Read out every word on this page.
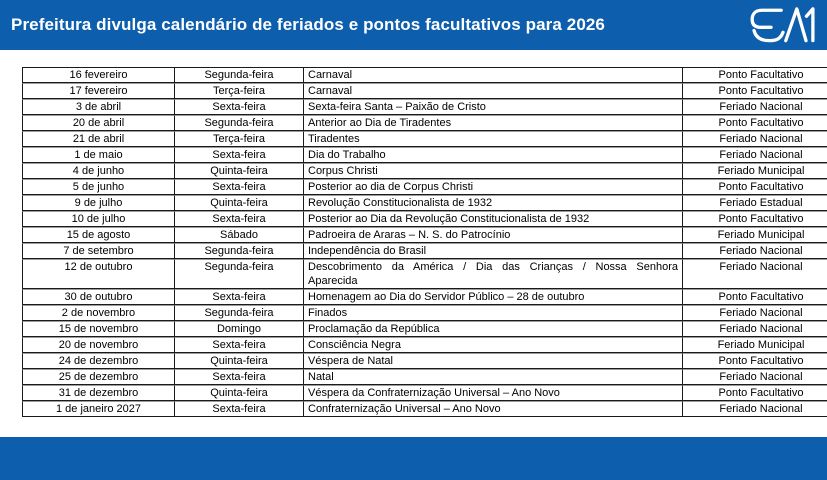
Prefeitura divulga calendário de feriados e pontos facultativos para 2026
16 fevereiro	Segunda-feira	Carnaval	Ponto Facultativo
17 fevereiro	Terça-feira	Carnaval	Ponto Facultativo
3 de abril	Sexta-feira	Sexta-feira Santa – Paixão de Cristo	Feriado Nacional
20 de abril	Segunda-feira	Anterior ao Dia de Tiradentes	Ponto Facultativo
21 de abril	Terça-feira	Tiradentes	Feriado Nacional
1 de maio	Sexta-feira	Dia do Trabalho	Feriado Nacional
4 de junho	Quinta-feira	Corpus Christi	Feriado Municipal
5 de junho	Sexta-feira	Posterior ao dia de Corpus Christi	Ponto Facultativo
9 de julho	Quinta-feira	Revolução Constitucionalista de 1932	Feriado Estadual
10 de julho	Sexta-feira	Posterior ao Dia da Revolução Constitucionalista de 1932	Ponto Facultativo
15 de agosto	Sábado	Padroeira de Araras – N. S. do Patrocínio	Feriado Municipal
7 de setembro	Segunda-feira	Independência do Brasil	Feriado Nacional
12 de outubro	Segunda-feira	Descobrimento da América / Dia das Crianças / Nossa Senhora Aparecida	Feriado Nacional
30 de outubro	Sexta-feira	Homenagem ao Dia do Servidor Público – 28 de outubro	Ponto Facultativo
2 de novembro	Segunda-feira	Finados	Feriado Nacional
15 de novembro	Domingo	Proclamação da República	Feriado Nacional
20 de novembro	Sexta-feira	Consciência Negra	Feriado Municipal
24 de dezembro	Quinta-feira	Véspera de Natal	Ponto Facultativo
25 de dezembro	Sexta-feira	Natal	Feriado Nacional
31 de dezembro	Quinta-feira	Véspera da Confraternização Universal – Ano Novo	Ponto Facultativo
1 de janeiro 2027	Sexta-feira	Confraternização Universal – Ano Novo	Feriado Nacional
